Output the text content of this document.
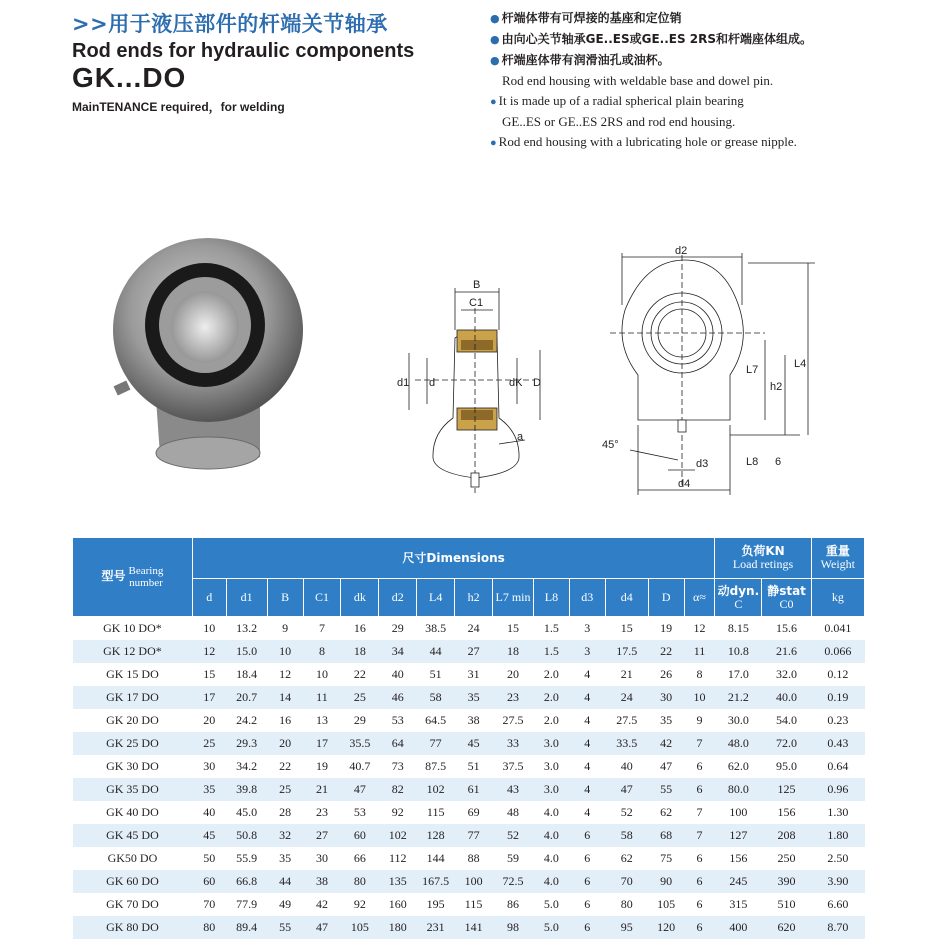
>>用于液压部件的杆端关节轴承
Rod ends for hydraulic components
GK...DO
MainTENANCE required，for welding
● 杆端体带有可焊接的基座和定位销
● 由向心关节轴承GE..ES或GE..ES 2RS和杆端座体组成。
● 杆端座体带有润滑油孔或油杯。
Rod end housing with weldable base and dowel pin.
● It is made up of a radial spherical plain bearing
GE..ES or GE..ES 2RS and rod end housing.
● Rod end housing with a lubricating hole or grease nipple.
B
C1
d1 d	dK D
a
d2
L4
L7
h2
45°
d3	L8 6
d4
型号 Bearing
number	尺寸Dimensions														负荷KN
Load retings		重量
Weight
	d	d1	B	C1	dk	d2	L4	h2	L7 min	L8	d3	d4	D	α≈	动dyn.
C	静stat
C0	kg
GK 10 DO*	10	13.2	9	7	16	29	38.5	24	15	1.5	3	15	19	12	8.15	15.6	0.041
GK 12 DO*	12	15.0	10	8	18	34	44	27	18	1.5	3	17.5	22	11	10.8	21.6	0.066
GK 15 DO	15	18.4	12	10	22	40	51	31	20	2.0	4	21	26	8	17.0	32.0	0.12
GK 17 DO	17	20.7	14	11	25	46	58	35	23	2.0	4	24	30	10	21.2	40.0	0.19
GK 20 DO	20	24.2	16	13	29	53	64.5	38	27.5	2.0	4	27.5	35	9	30.0	54.0	0.23
GK 25 DO	25	29.3	20	17	35.5	64	77	45	33	3.0	4	33.5	42	7	48.0	72.0	0.43
GK 30 DO	30	34.2	22	19	40.7	73	87.5	51	37.5	3.0	4	40	47	6	62.0	95.0	0.64
GK 35 DO	35	39.8	25	21	47	82	102	61	43	3.0	4	47	55	6	80.0	125	0.96
GK 40 DO	40	45.0	28	23	53	92	115	69	48	4.0	4	52	62	7	100	156	1.30
GK 45 DO	45	50.8	32	27	60	102	128	77	52	4.0	6	58	68	7	127	208	1.80
GK50 DO	50	55.9	35	30	66	112	144	88	59	4.0	6	62	75	6	156	250	2.50
GK 60 DO	60	66.8	44	38	80	135	167.5	100	72.5	4.0	6	70	90	6	245	390	3.90
GK 70 DO	70	77.9	49	42	92	160	195	115	86	5.0	6	80	105	6	315	510	6.60
GK 80 DO	80	89.4	55	47	105	180	231	141	98	5.0	6	95	120	6	400	620	8.70
